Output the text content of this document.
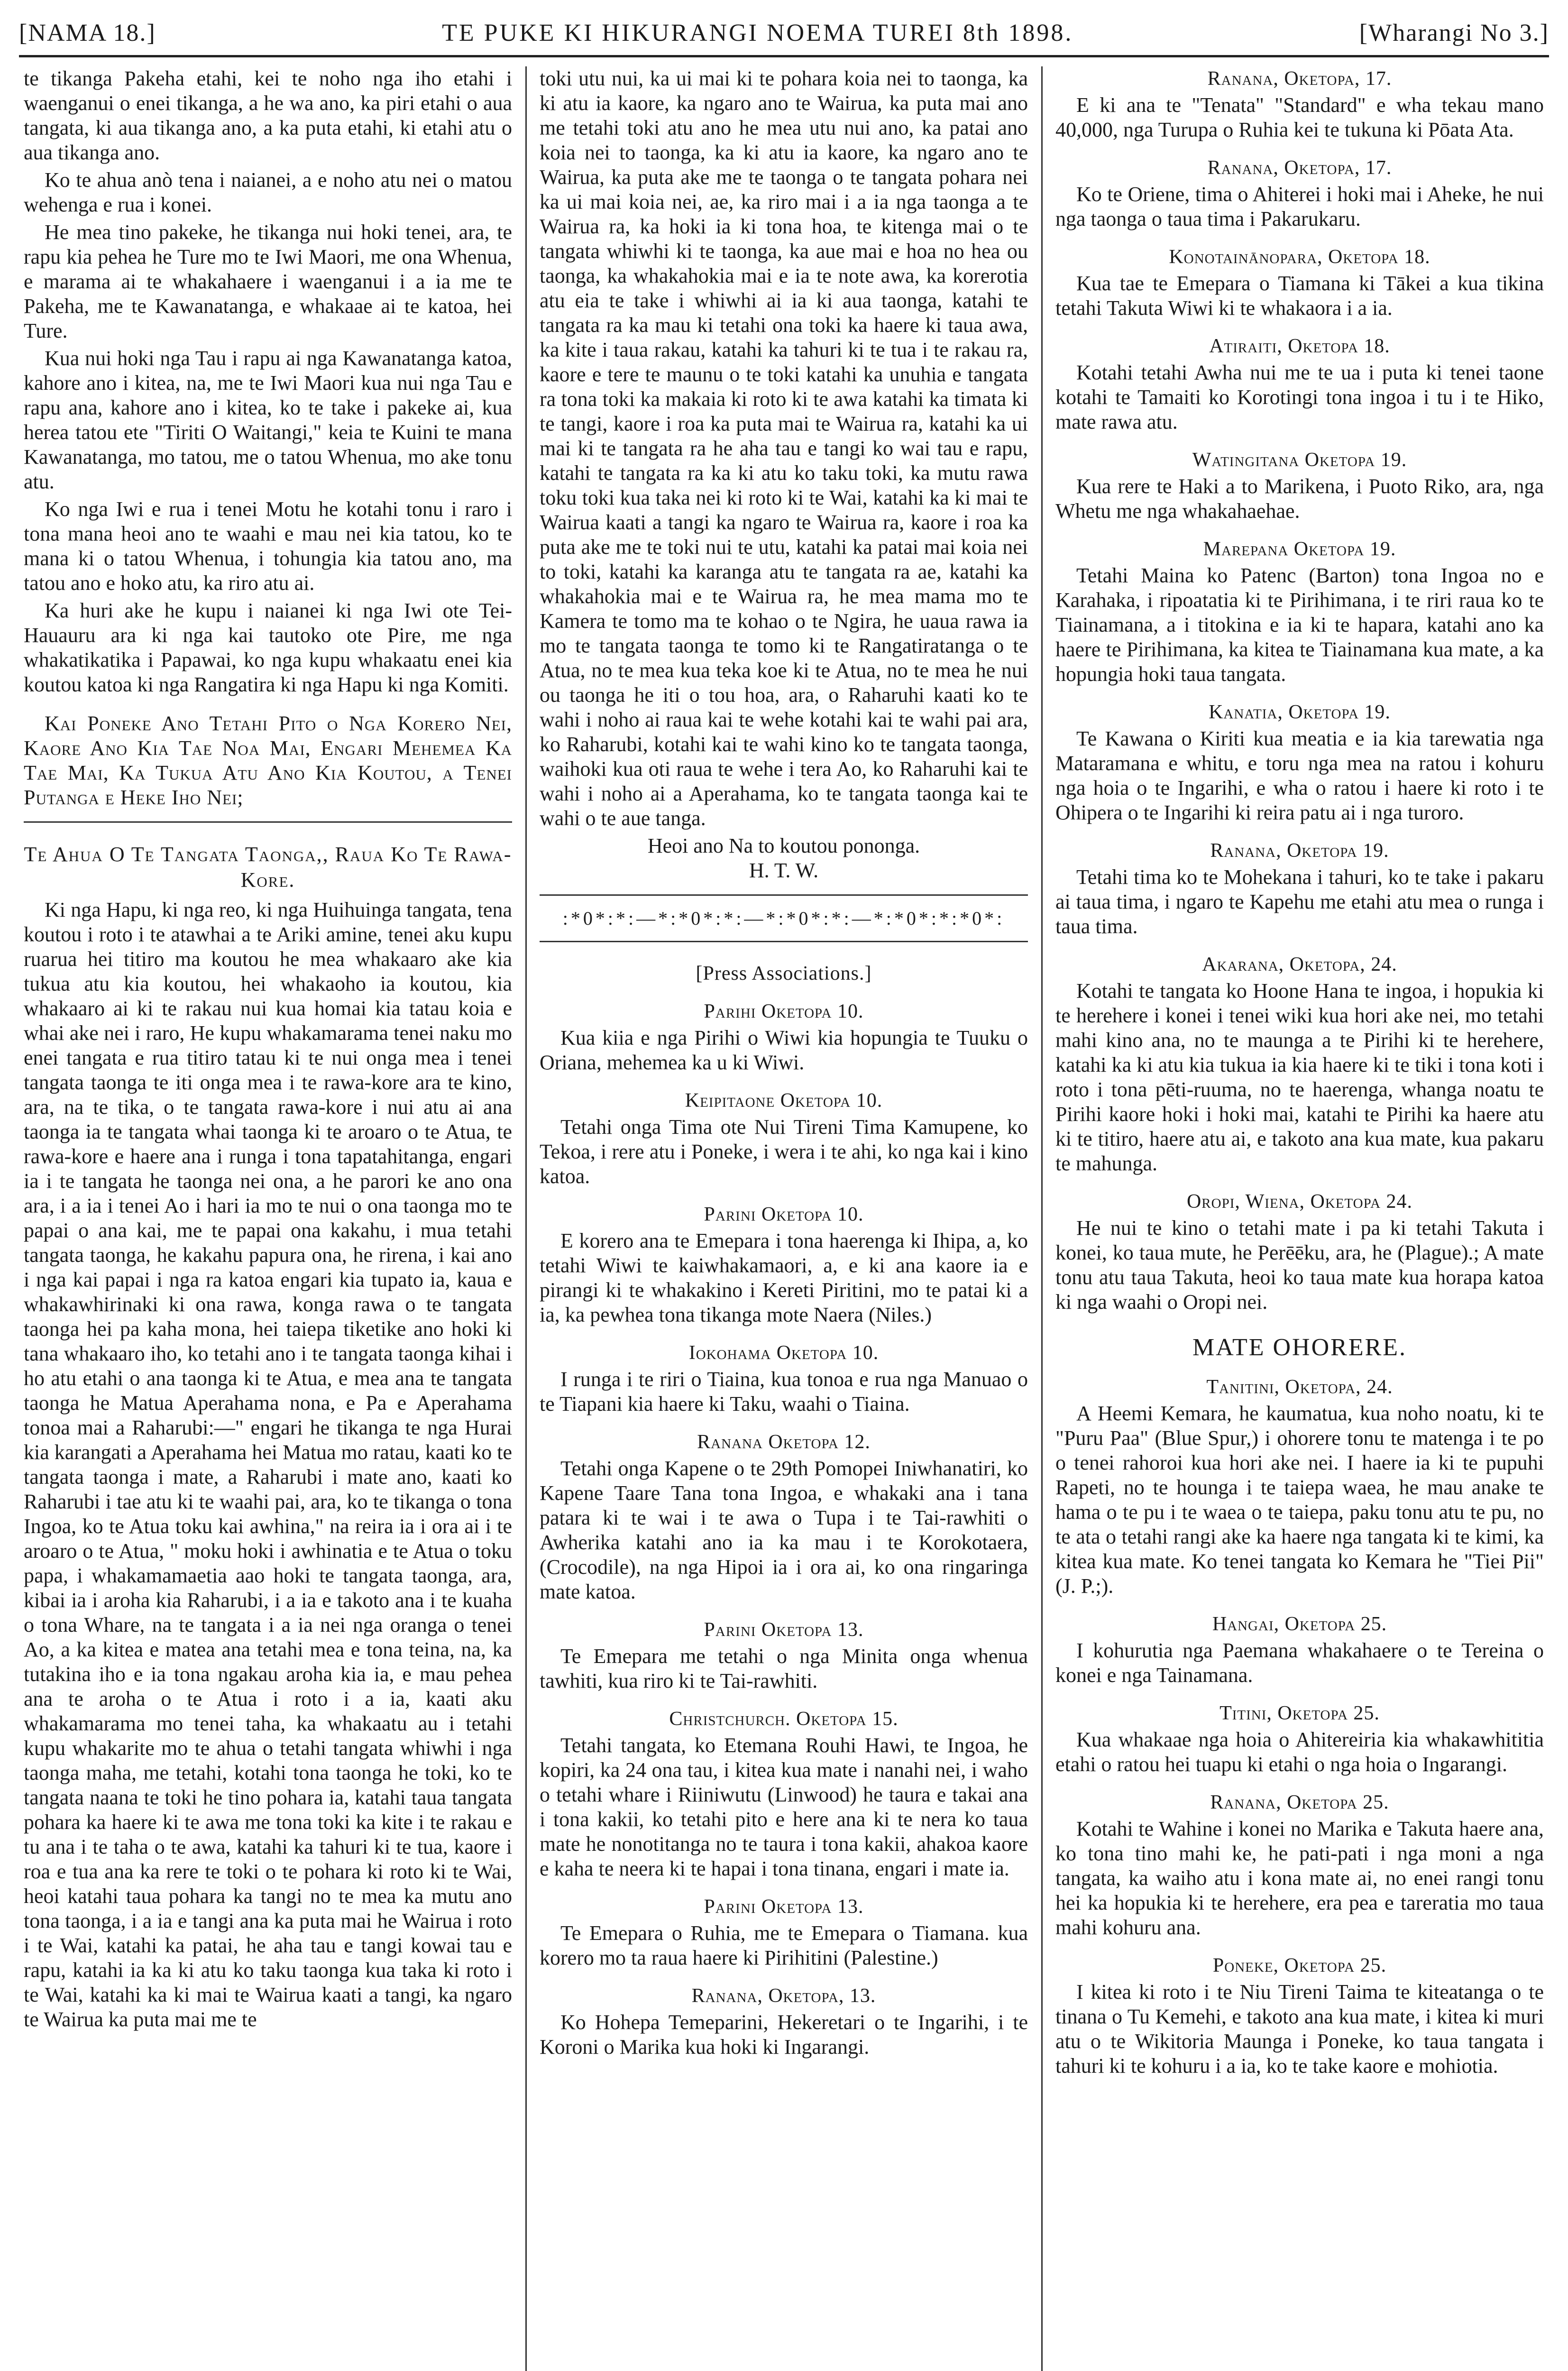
[NAMA 18.]	TE PUKE KI HIKURANGI NOEMA TUREI 8th 1898.	[Wharangi No 3.]

te tikanga Pakeha etahi, kei te noho nga iho etahi i waenganui o enei tikanga, a he wa ano, ka piri etahi o aua tangata, ki aua tikanga ano, a ka puta etahi, ki etahi atu o aua tikanga ano.

Ko te ahua anò tena i naianei, a e noho atu nei o matou wehenga e rua i konei.

He mea tino pakeke, he tikanga nui hoki tenei, ara, te rapu kia pehea he Ture mo te Iwi Maori, me ona Whenua, e marama ai te whakahaere i waenganui i a ia me te Pakeha, me te Kawanatanga, e whakaae ai te katoa, hei Ture.

Kua nui hoki nga Tau i rapu ai nga Kawanatanga katoa, kahore ano i kitea, na, me te Iwi Maori kua nui nga Tau e rapu ana, kahore ano i kitea, ko te take i pakeke ai, kua herea tatou ete "Tiriti O Waitangi," keia te Kuini te mana Kawanatanga, mo tatou, me o tatou Whenua, mo ake tonu atu.

Ko nga Iwi e rua i tenei Motu he kotahi tonu i raro i tona mana heoi ano te waahi e mau nei kia tatou, ko te mana ki o tatou Whenua, i tohungia kia tatou ano, ma tatou ano e hoko atu, ka riro atu ai.

Ka huri ake he kupu i naianei ki nga Iwi ote Tei-Hauauru ara ki nga kai tautoko ote Pire, me nga whakatikatika i Papawai, ko nga kupu whakaatu enei kia koutou katoa ki nga Rangatira ki nga Hapu ki nga Komiti.

Kai Poneke Ano Tetahi Pito o Nga Korero Nei, Kaore Ano Kia Tae Noa Mai, Engari Mehemea Ka Tae Mai, Ka Tukua Atu Ano Kia Koutou, a Tenei Putanga e Heke Iho Nei;

Te Ahua O Te Tangata Taonga,, Raua Ko Te Rawa-Kore.

Ki nga Hapu, ki nga reo, ki nga Huihuinga tangata, tena koutou i roto i te atawhai a te Ariki amine, tenei aku kupu ruarua hei titiro ma koutou he mea whakaaro ake kia tukua atu kia koutou, hei whakaoho ia koutou, kia whakaaro ai ki te rakau nui kua homai kia tatau koia e whai ake nei i raro, He kupu whakamarama tenei naku mo enei tangata e rua titiro tatau ki te nui onga mea i tenei tangata taonga te iti onga mea i te rawa-kore ara te kino, ara, na te tika, o te tangata rawa-kore i nui atu ai ana taonga ia te tangata whai taonga ki te aroaro o te Atua, te rawa-kore e haere ana i runga i tona tapatahitanga, engari ia i te tangata he taonga nei ona, a he parori ke ano ona ara, i a ia i tenei Ao i hari ia mo te nui o ona taonga mo te papai o ana kai, me te papai ona kakahu, i mua tetahi tangata taonga, he kakahu papura ona, he rirena, i kai ano i nga kai papai i nga ra katoa engari kia tupato ia, kaua e whakawhirinaki ki ona rawa, konga rawa o te tangata taonga hei pa kaha mona, hei taiepa tiketike ano hoki ki tana whakaaro iho, ko tetahi ano i te tangata taonga kihai i ho atu etahi o ana taonga ki te Atua, e mea ana te tangata taonga he Matua Aperahama nona, e Pa e Aperahama tonoa mai a Raharubi:—" engari he tikanga te nga Hurai kia karangati a Aperahama hei Matua mo ratau, kaati ko te tangata taonga i mate, a Raharubi i mate ano, kaati ko Raharubi i tae atu ki te waahi pai, ara, ko te tikanga o tona Ingoa, ko te Atua toku kai awhina," na reira ia i ora ai i te aroaro o te Atua, " moku hoki i awhinatia e te Atua o toku papa, i whakamamaetia aao hoki te tangata taonga, ara, kibai ia i aroha kia Raharubi, i a ia e takoto ana i te kuaha o tona Whare, na te tangata i a ia nei nga oranga o tenei Ao, a ka kitea e matea ana tetahi mea e tona teina, na, ka tutakina iho e ia tona ngakau aroha kia ia, e mau pehea ana te aroha o te Atua i roto i a ia, kaati aku whakamarama mo tenei taha, ka whakaatu au i tetahi kupu whakarite mo te ahua o tetahi tangata whiwhi i nga taonga maha, me tetahi, kotahi tona taonga he toki, ko te tangata naana te toki he tino pohara ia, katahi taua tangata pohara ka haere ki te awa me tona toki ka kite i te rakau e tu ana i te taha o te awa, katahi ka tahuri ki te tua, kaore i roa e tua ana ka rere te toki o te pohara ki roto ki te Wai, heoi katahi taua pohara ka tangi no te mea ka mutu ano tona taonga, i a ia e tangi ana ka puta mai he Wairua i roto i te Wai, katahi ka patai, he aha tau e tangi kowai tau e rapu, katahi ia ka ki atu ko taku taonga kua taka ki roto i te Wai, katahi ka ki mai te Wairua kaati a tangi, ka ngaro te Wairua ka puta mai me te

toki utu nui, ka ui mai ki te pohara koia nei to taonga, ka ki atu ia kaore, ka ngaro ano te Wairua, ka puta mai ano me tetahi toki atu ano he mea utu nui ano, ka patai ano koia nei to taonga, ka ki atu ia kaore, ka ngaro ano te Wairua, ka puta ake me te taonga o te tangata pohara nei ka ui mai koia nei, ae, ka riro mai i a ia nga taonga a te Wairua ra, ka hoki ia ki tona hoa, te kitenga mai o te tangata whiwhi ki te taonga, ka aue mai e hoa no hea ou taonga, ka whakahokia mai e ia te note awa, ka korerotia atu eia te take i whiwhi ai ia ki aua taonga, katahi te tangata ra ka mau ki tetahi ona toki ka haere ki taua awa, ka kite i taua rakau, katahi ka tahuri ki te tua i te rakau ra, kaore e tere te maunu o te toki katahi ka unuhia e tangata ra tona toki ka makaia ki roto ki te awa katahi ka timata ki te tangi, kaore i roa ka puta mai te Wairua ra, katahi ka ui mai ki te tangata ra he aha tau e tangi ko wai tau e rapu, katahi te tangata ra ka ki atu ko taku toki, ka mutu rawa toku toki kua taka nei ki roto ki te Wai, katahi ka ki mai te Wairua kaati a tangi ka ngaro te Wairua ra, kaore i roa ka puta ake me te toki nui te utu, katahi ka patai mai koia nei to toki, katahi ka karanga atu te tangata ra ae, katahi ka whakahokia mai e te Wairua ra, he mea mama mo te Kamera te tomo ma te kohao o te Ngira, he uaua rawa ia mo te tangata taonga te tomo ki te Rangatiratanga o te Atua, no te mea kua teka koe ki te Atua, no te mea he nui ou taonga he iti o tou hoa, ara, o Raharuhi kaati ko te wahi i noho ai raua kai te wehe kotahi kai te wahi pai ara, ko Raharubi, kotahi kai te wahi kino ko te tangata taonga, waihoki kua oti raua te wehe i tera Ao, ko Raharuhi kai te wahi i noho ai a Aperahama, ko te tangata taonga kai te wahi o te aue tanga.

Heoi ano Na to koutou pononga.
H. T. W.
:*0*:*:—*:*0*:*:—*:*0*:*:—*:*0*:*:*0*:
[Press Associations.]
Parihi Oketopa 10.

Kua kiia e nga Pirihi o Wiwi kia hopungia te Tuuku o Oriana, mehemea ka u ki Wiwi.

Keipitaone Oketopa 10.

Tetahi onga Tima ote Nui Tireni Tima Kamupene, ko Tekoa, i rere atu i Poneke, i wera i te ahi, ko nga kai i kino katoa.

Parini Oketopa 10.

E korero ana te Emepara i tona haerenga ki Ihipa, a, ko tetahi Wiwi te kaiwhakamaori, a, e ki ana kaore ia e pirangi ki te whakakino i Kereti Piritini, mo te patai ki a ia, ka pewhea tona tikanga mote Naera (Niles.)

Iokohama Oketopa 10.

I runga i te riri o Tiaina, kua tonoa e rua nga Manuao o te Tiapani kia haere ki Taku, waahi o Tiaina.

Ranana Oketopa 12.

Tetahi onga Kapene o te 29th Pomopei Iniwhanatiri, ko Kapene Taare Tana tona Ingoa, e whakaki ana i tana patara ki te wai i te awa o Tupa i te Tai-rawhiti o Awherika katahi ano ia ka mau i te Korokotaera, (Crocodile), na nga Hipoi ia i ora ai, ko ona ringaringa mate katoa.

Parini Oketopa 13.

Te Emepara me tetahi o nga Minita onga whenua tawhiti, kua riro ki te Tai-rawhiti.

Christchurch. Oketopa 15.

Tetahi tangata, ko Etemana Rouhi Hawi, te Ingoa, he kopiri, ka 24 ona tau, i kitea kua mate i nanahi nei, i waho o tetahi whare i Riiniwutu (Linwood) he taura e takai ana i tona kakii, ko tetahi pito e here ana ki te nera ko taua mate he nonotitanga no te taura i tona kakii, ahakoa kaore e kaha te neera ki te hapai i tona tinana, engari i mate ia.

Parini Oketopa 13.

Te Emepara o Ruhia, me te Emepara o Tiamana. kua korero mo ta raua haere ki Pirihitini (Palestine.)

Ranana, Oketopa, 13.

Ko Hohepa Temeparini, Hekeretari o te Ingarihi, i te Koroni o Marika kua hoki ki Ingarangi.

Ranana, Oketopa, 17.

E ki ana te "Tenata" "Standard" e wha tekau mano 40,000, nga Turupa o Ruhia kei te tukuna ki Pōata Ata.

Ranana, Oketopa, 17.

Ko te Oriene, tima o Ahiterei i hoki mai i Aheke, he nui nga taonga o taua tima i Pakarukaru.

Konotainānopara, Oketopa 18.

Kua tae te Emepara o Tiamana ki Tākei a kua tikina tetahi Takuta Wiwi ki te whakaora i a ia.

Atiraiti, Oketopa 18.

Kotahi tetahi Awha nui me te ua i puta ki tenei taone kotahi te Tamaiti ko Korotingi tona ingoa i tu i te Hiko, mate rawa atu.

Watingitana Oketopa 19.

Kua rere te Haki a to Marikena, i Puoto Riko, ara, nga Whetu me nga whakahaehae.

Marepana Oketopa 19.

Tetahi Maina ko Patenc (Barton) tona Ingoa no e Karahaka, i ripoatatia ki te Pirihimana, i te riri raua ko te Tiainamana, a i titokina e ia ki te hapara, katahi ano ka haere te Pirihimana, ka kitea te Tiainamana kua mate, a ka hopungia hoki taua tangata.

Kanatia, Oketopa 19.

Te Kawana o Kiriti kua meatia e ia kia tarewatia nga Mataramana e whitu, e toru nga mea na ratou i kohuru nga hoia o te Ingarihi, e wha o ratou i haere ki roto i te Ohipera o te Ingarihi ki reira patu ai i nga turoro.

Ranana, Oketopa 19.

Tetahi tima ko te Mohekana i tahuri, ko te take i pakaru ai taua tima, i ngaro te Kapehu me etahi atu mea o runga i taua tima.

Akarana, Oketopa, 24.

Kotahi te tangata ko Hoone Hana te ingoa, i hopukia ki te herehere i konei i tenei wiki kua hori ake nei, mo tetahi mahi kino ana, no te maunga a te Pirihi ki te herehere, katahi ka ki atu kia tukua ia kia haere ki te tiki i tona koti i roto i tona pēti-ruuma, no te haerenga, whanga noatu te Pirihi kaore hoki i hoki mai, katahi te Pirihi ka haere atu ki te titiro, haere atu ai, e takoto ana kua mate, kua pakaru te mahunga.

Oropi, Wiena, Oketopa 24.

He nui te kino o tetahi mate i pa ki tetahi Takuta i konei, ko taua mute, he Perēēku, ara, he (Plague).; A mate tonu atu taua Takuta, heoi ko taua mate kua horapa katoa ki nga waahi o Oropi nei.

MATE OHORERE.
Tanitini, Oketopa, 24.

A Heemi Kemara, he kaumatua, kua noho noatu, ki te "Puru Paa" (Blue Spur,) i ohorere tonu te matenga i te po o tenei rahoroi kua hori ake nei. I haere ia ki te pupuhi Rapeti, no te hounga i te taiepa waea, he mau anake te hama o te pu i te waea o te taiepa, paku tonu atu te pu, no te ata o tetahi rangi ake ka haere nga tangata ki te kimi, ka kitea kua mate. Ko tenei tangata ko Kemara he "Tiei Pii" (J. P.;).

Hangai, Oketopa 25.

I kohurutia nga Paemana whakahaere o te Tereina o konei e nga Tainamana.

Titini, Oketopa 25.

Kua whakaae nga hoia o Ahitereiria kia whakawhititia etahi o ratou hei tuapu ki etahi o nga hoia o Ingarangi.

Ranana, Oketopa 25.

Kotahi te Wahine i konei no Marika e Takuta haere ana, ko tona tino mahi ke, he pati-pati i nga moni a nga tangata, ka waiho atu i kona mate ai, no enei rangi tonu hei ka hopukia ki te herehere, era pea e tareratia mo taua mahi kohuru ana.

Poneke, Oketopa 25.

I kitea ki roto i te Niu Tireni Taima te kiteatanga o te tinana o Tu Kemehi, e takoto ana kua mate, i kitea ki muri atu o te Wikitoria Maunga i Poneke, ko taua tangata i tahuri ki te kohuru i a ia, ko te take kaore e mohiotia.
